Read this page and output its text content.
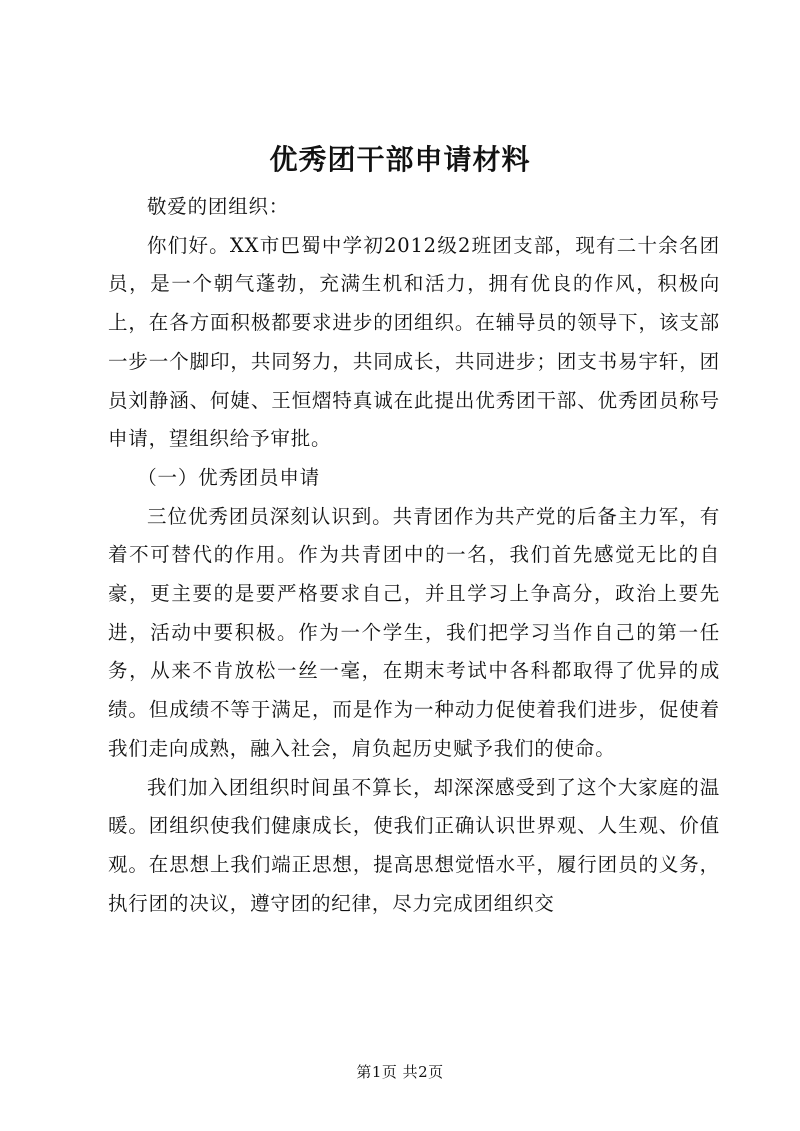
优秀团干部申请材料

敬爱的团组织：

你们好。XX市巴蜀中学初2012级2班团支部，现有二十余名团员，是一个朝气蓬勃，充满生机和活力，拥有优良的作风，积极向上，在各方面积极都要求进步的团组织。在辅导员的领导下，该支部一步一个脚印，共同努力，共同成长，共同进步；团支书易宇轩，团员刘静涵、何婕、王恒熠特真诚在此提出优秀团干部、优秀团员称号申请，望组织给予审批。

（一）优秀团员申请

三位优秀团员深刻认识到。共青团作为共产党的后备主力军，有着不可替代的作用。作为共青团中的一名，我们首先感觉无比的自豪，更主要的是要严格要求自己，并且学习上争高分，政治上要先进，活动中要积极。作为一个学生，我们把学习当作自己的第一任务，从来不肯放松一丝一毫，在期末考试中各科都取得了优异的成绩。但成绩不等于满足，而是作为一种动力促使着我们进步，促使着我们走向成熟，融入社会，肩负起历史赋予我们的使命。

我们加入团组织时间虽不算长，却深深感受到了这个大家庭的温暖。团组织使我们健康成长，使我们正确认识世界观、人生观、价值观。在思想上我们端正思想，提高思想觉悟水平，履行团员的义务，执行团的决议，遵守团的纪律，尽力完成团组织交

第1页 共2页
